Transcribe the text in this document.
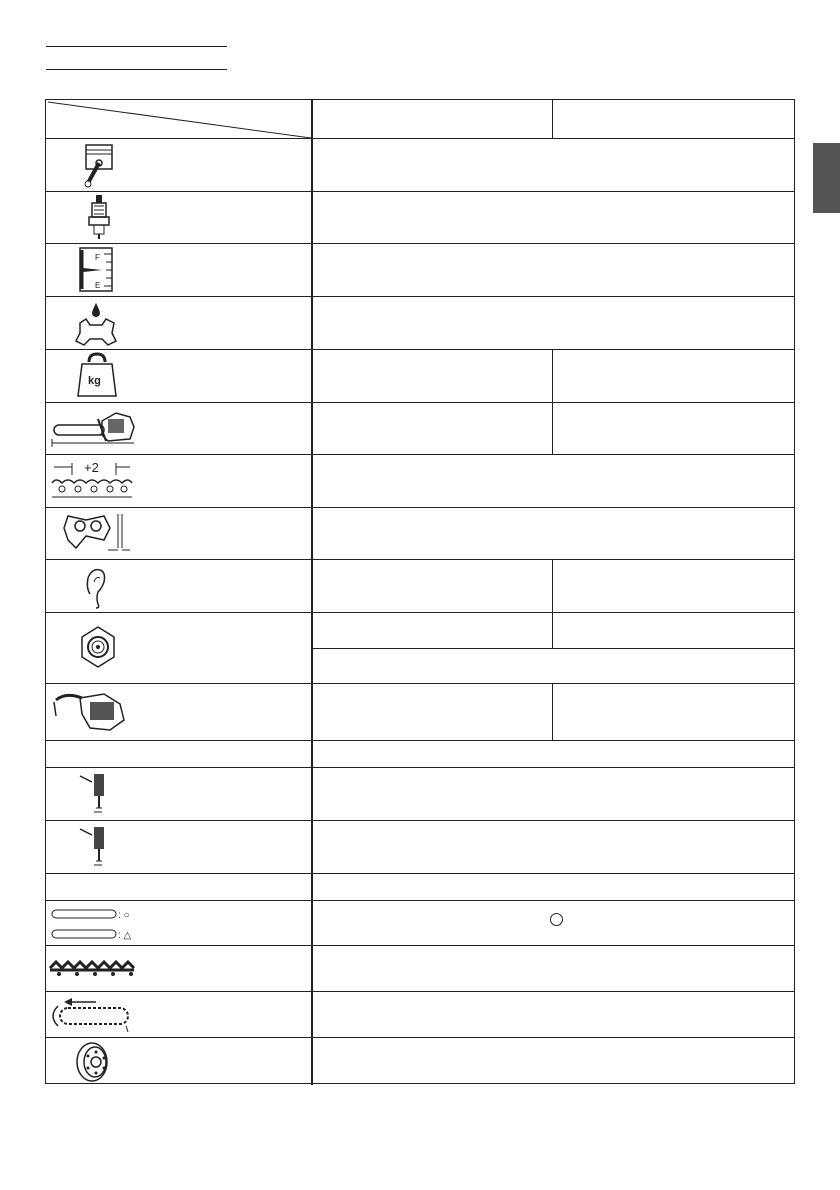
F
E
kg
+2
: ○
: △
